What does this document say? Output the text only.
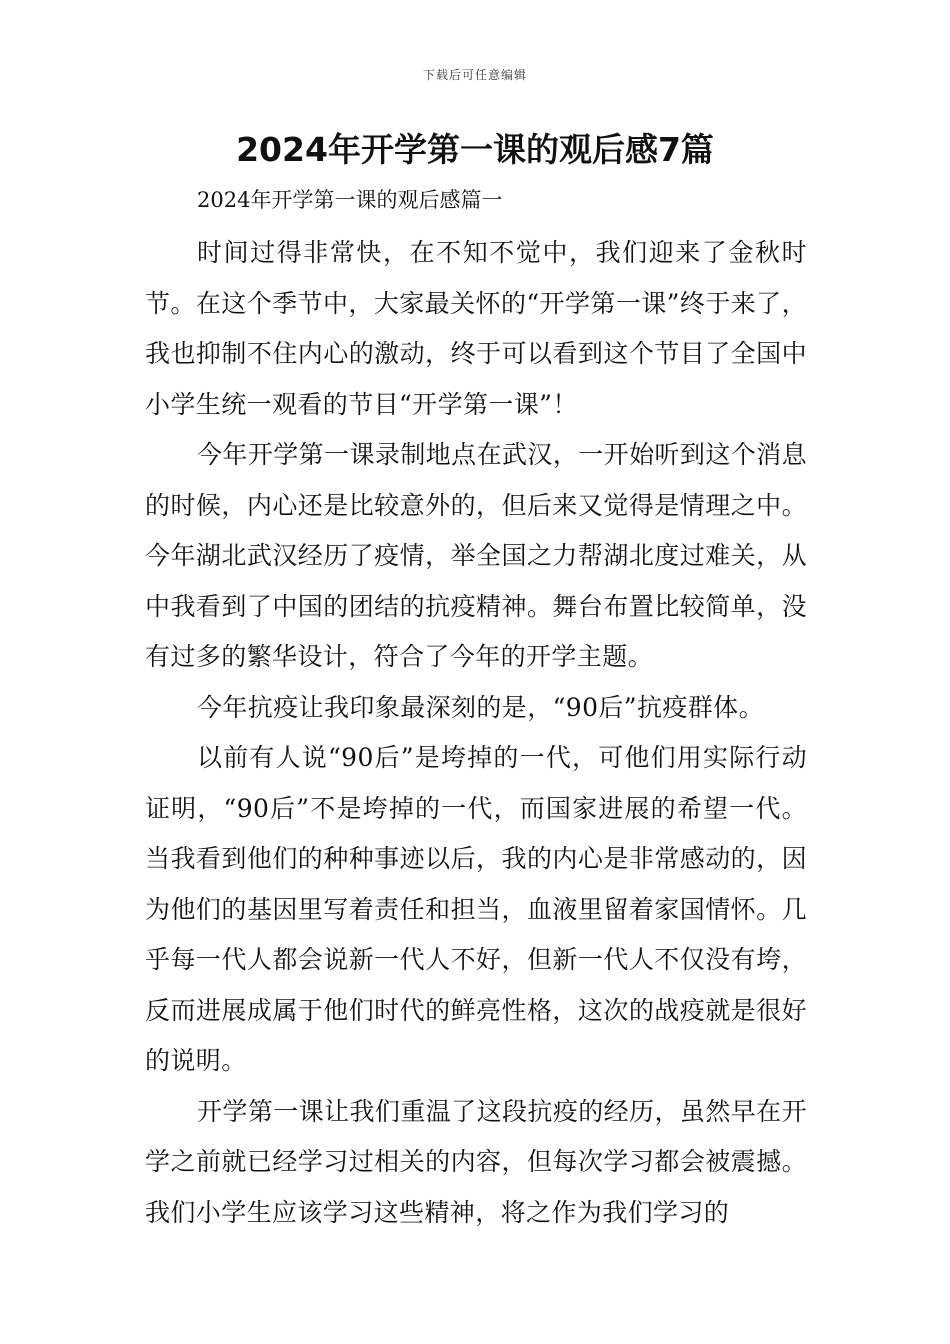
下载后可任意编辑
2024年开学第一课的观后感7篇

2024年开学第一课的观后感篇一

时间过得非常快，在不知不觉中，我们迎来了金秋时节。在这个季节中，大家最关怀的“开学第一课”终于来了，我也抑制不住内心的激动，终于可以看到这个节目了全国中小学生统一观看的节目“开学第一课”！

今年开学第一课录制地点在武汉，一开始听到这个消息的时候，内心还是比较意外的，但后来又觉得是情理之中。今年湖北武汉经历了疫情，举全国之力帮湖北度过难关，从中我看到了中国的团结的抗疫精神。舞台布置比较简单，没有过多的繁华设计，符合了今年的开学主题。

今年抗疫让我印象最深刻的是，“90后”抗疫群体。

以前有人说“90后”是垮掉的一代，可他们用实际行动证明，“90后”不是垮掉的一代，而国家进展的希望一代。当我看到他们的种种事迹以后，我的内心是非常感动的，因为他们的基因里写着责任和担当，血液里留着家国情怀。几乎每一代人都会说新一代人不好，但新一代人不仅没有垮，反而进展成属于他们时代的鲜亮性格，这次的战疫就是很好的说明。

开学第一课让我们重温了这段抗疫的经历，虽然早在开学之前就已经学习过相关的内容，但每次学习都会被震撼。我们小学生应该学习这些精神，将之作为我们学习的
